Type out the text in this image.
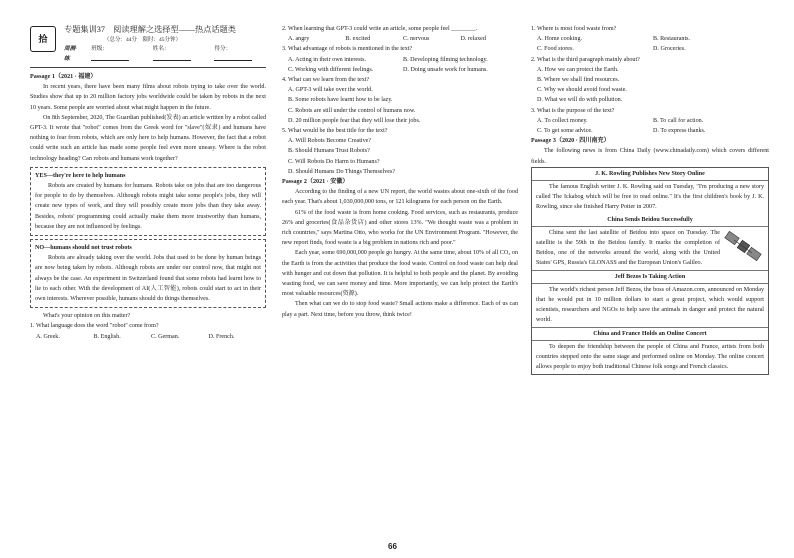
拾
专题集训37　阅读理解之选择型——热点话题类
（总分：44分　限时：45分钟）
周测·练
班级：	姓名：	得分：

Passage 1（2021 · 福建）

In recent years, there have been many films about robots trying to take over the world. Studies show that up to 20 million factory jobs worldwide could be taken by robots in the next 10 years. Some people are worried about what might happen in the future.

On 8th September, 2020, The Guardian published(发表) an article written by a robot called GPT-3. It wrote that "robot" comes from the Greek word for "slave"(奴隶) and humans have nothing to fear from robots, which are only here to help humans. However, the fact that a robot could write such an article has made some people feel even more uneasy. Where is the robot technology heading? Can robots and humans work together?

YES—they're here to help humans

Robots are created by humans for humans. Robots take on jobs that are too dangerous for people to do by themselves. Although robots might take some people's jobs, they will create new types of work, and they will possibly create more jobs than they take away. Besides, robots' programming could actually make them more trustworthy than humans, because they are not influenced by feelings.

NO—humans should not trust robots

Robots are already taking over the world. Jobs that used to be done by human beings are now being taken by robots. Although robots are under our control now, that might not always be the case. An experiment in Switzerland found that some robots had learnt how to lie to each other. With the development of AI(人工智能), robots could start to act in their own interests. Wherever possible, humans should do things themselves.

What's your opinion on this matter?

1. What language does the word "robot" come from?

A. Greek.	B. English.	C. German.	D. French.

2. When learning that GPT-3 could write an article, some people feel ________.

A. angry	B. excited	C. nervous	D. relaxed

3. What advantage of robots is mentioned in the text?

A. Acting in their own interests.	B. Developing filming technology.
C. Working with different feelings.	D. Doing unsafe work for humans.

4. What can we learn from the text?

A. GPT-3 will take over the world.
B. Some robots have learnt how to be lazy.
C. Robots are still under the control of humans now.
D. 20 million people fear that they will lose their jobs.

5. What would be the best title for the text?

A. Will Robots Become Creative?
B. Should Humans Trust Robots?
C. Will Robots Do Harm to Humans?
D. Should Humans Do Things Themselves?

Passage 2（2021 · 安徽）

According to the finding of a new UN report, the world wastes about one-sixth of the food each year. That's about 1,030,000,000 tons, or 121 kilograms for each person on the Earth.

61% of the food waste is from home cooking. Food services, such as restaurants, produce 26% and groceries(食品杂货店) and other stores 13%. "We thought waste was a problem in rich countries," says Martina Otto, who works for the UN Environment Program. "However, the new report finds, food waste is a big problem in nations rich and poor."

Each year, some 690,000,000 people go hungry. At the same time, about 10% of all CO₂ on the Earth is from the activities that produce the food waste. Control on food waste can help deal with hunger and cut down that pollution. It is helpful to both people and the planet. By avoiding wasting food, we can save money and time. More importantly, we can help protect the Earth's most valuable resources(资源).

Then what can we do to stop food waste? Small actions make a difference. Each of us can play a part. Next time, before you throw, think twice!

1. Where is most food waste from?

A. Home cooking.	B. Restaurants.
C. Food stores.	D. Groceries.

2. What is the third paragraph mainly about?

A. How we can protect the Earth.
B. Where we shall find resources.
C. Why we should avoid food waste.
D. What we will do with pollution.

3. What is the purpose of the text?

A. To collect money.	B. To call for action.
C. To get some advice.	D. To express thanks.

Passage 3（2020 · 四川南充）

The following news is from China Daily (www.chinadaily.com) which covers different fields.

J. K. Rowling Publishes New Story Online

The famous English writer J. K. Rowling said on Tuesday, "I'm producing a new story called The Ickabog which will be free to read online." It's the first children's book by J. K. Rowling, since she finished Harry Potter in 2007.

China Sends Beidou Successfully

China sent the last satellite of Beidou into space on Tuesday. The satellite is the 59th in the Beidou family. It marks the completion of Beidou, one of the networks around the world, along with the United States' GPS, Russia's GLONASS and the European Union's Galileo.

Jeff Bezos Is Taking Action

The world's richest person Jeff Bezos, the boss of Amazon.com, announced on Monday that he would put in 10 million dollars to start a great project, which would support scientists, researchers and NGOs to help save the animals in danger and protect the natural world.

China and France Holds an Online Concert

To deepen the friendship between the people of China and France, artists from both countries stepped onto the same stage and performed online on Monday. The online concert allows people to enjoy both traditional Chinese folk songs and French classics.

66
